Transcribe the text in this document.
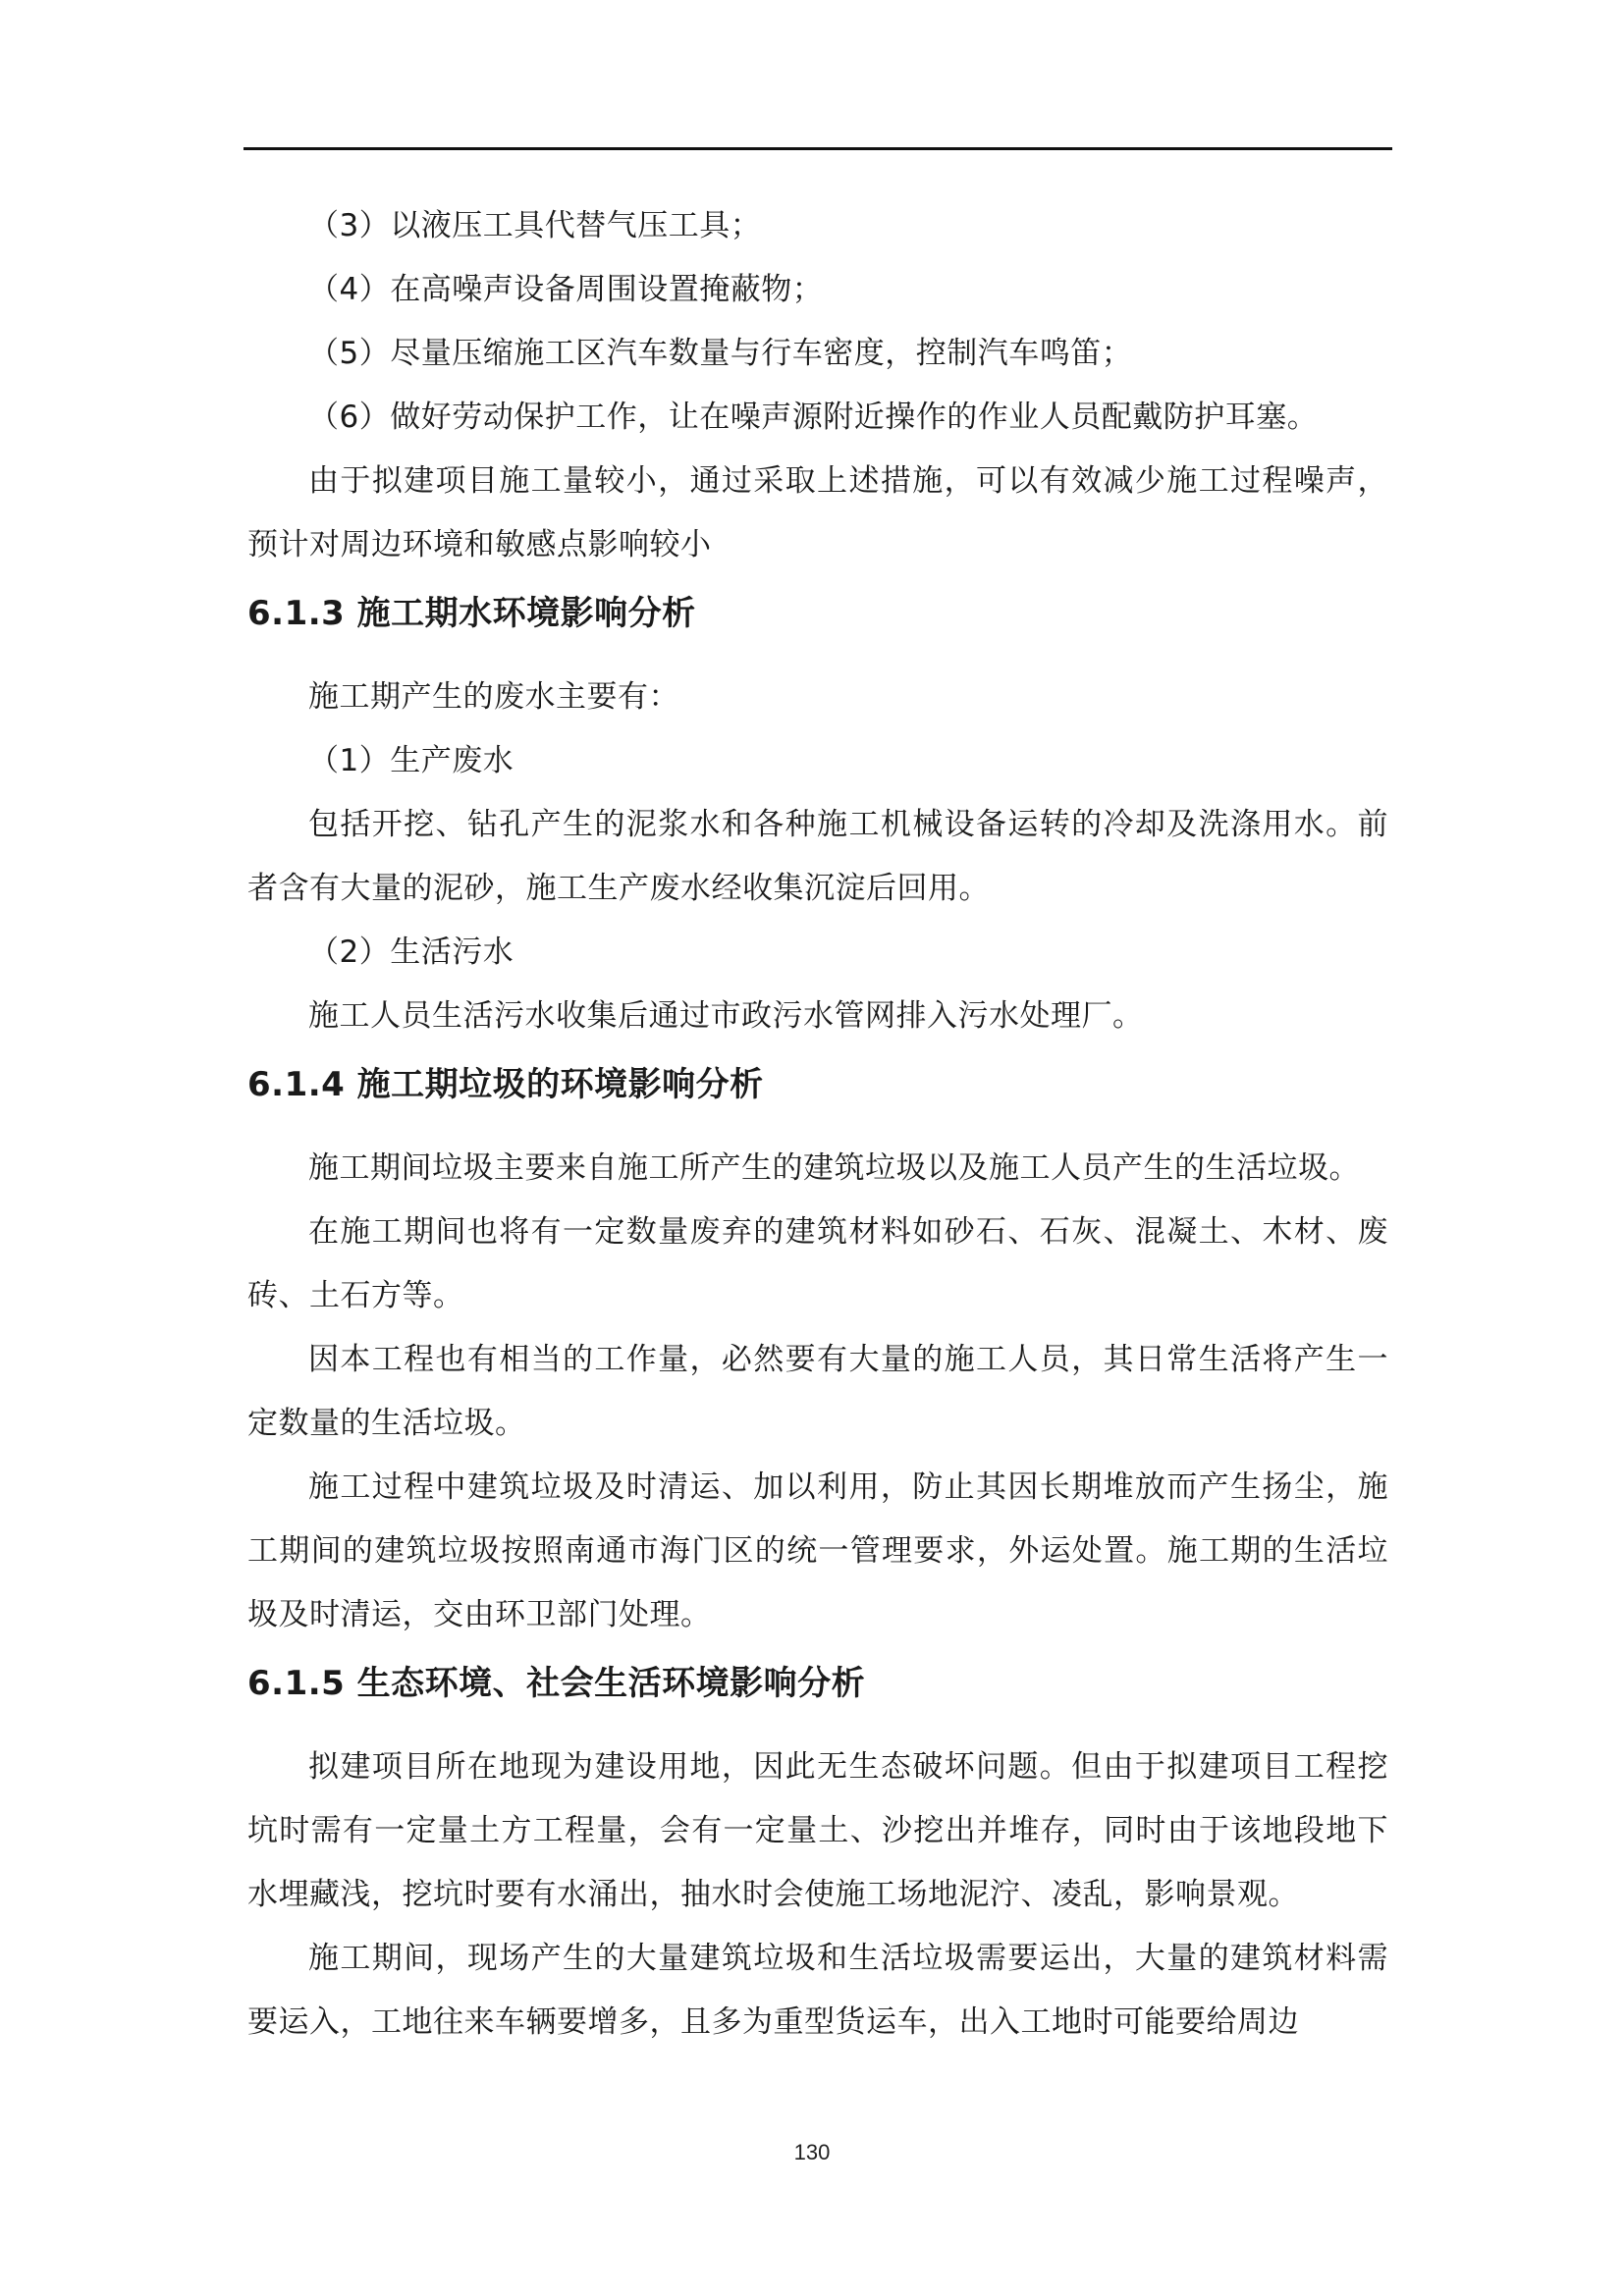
（3）以液压工具代替气压工具；

（4）在高噪声设备周围设置掩蔽物；

（5）尽量压缩施工区汽车数量与行车密度，控制汽车鸣笛；

（6）做好劳动保护工作，让在噪声源附近操作的作业人员配戴防护耳塞。

由于拟建项目施工量较小，通过采取上述措施，可以有效减少施工过程噪声，预计对周边环境和敏感点影响较小

6.1.3 施工期水环境影响分析

施工期产生的废水主要有：

（1）生产废水

包括开挖、钻孔产生的泥浆水和各种施工机械设备运转的冷却及洗涤用水。前者含有大量的泥砂，施工生产废水经收集沉淀后回用。

（2）生活污水

施工人员生活污水收集后通过市政污水管网排入污水处理厂。

6.1.4 施工期垃圾的环境影响分析

施工期间垃圾主要来自施工所产生的建筑垃圾以及施工人员产生的生活垃圾。

在施工期间也将有一定数量废弃的建筑材料如砂石、石灰、混凝土、木材、废砖、土石方等。

因本工程也有相当的工作量，必然要有大量的施工人员，其日常生活将产生一定数量的生活垃圾。

施工过程中建筑垃圾及时清运、加以利用，防止其因长期堆放而产生扬尘，施工期间的建筑垃圾按照南通市海门区的统一管理要求，外运处置。施工期的生活垃圾及时清运，交由环卫部门处理。

6.1.5 生态环境、社会生活环境影响分析

拟建项目所在地现为建设用地，因此无生态破坏问题。但由于拟建项目工程挖坑时需有一定量土方工程量，会有一定量土、沙挖出并堆存，同时由于该地段地下水埋藏浅，挖坑时要有水涌出，抽水时会使施工场地泥泞、凌乱，影响景观。

施工期间，现场产生的大量建筑垃圾和生活垃圾需要运出，大量的建筑材料需要运入，工地往来车辆要增多，且多为重型货运车，出入工地时可能要给周边

130
